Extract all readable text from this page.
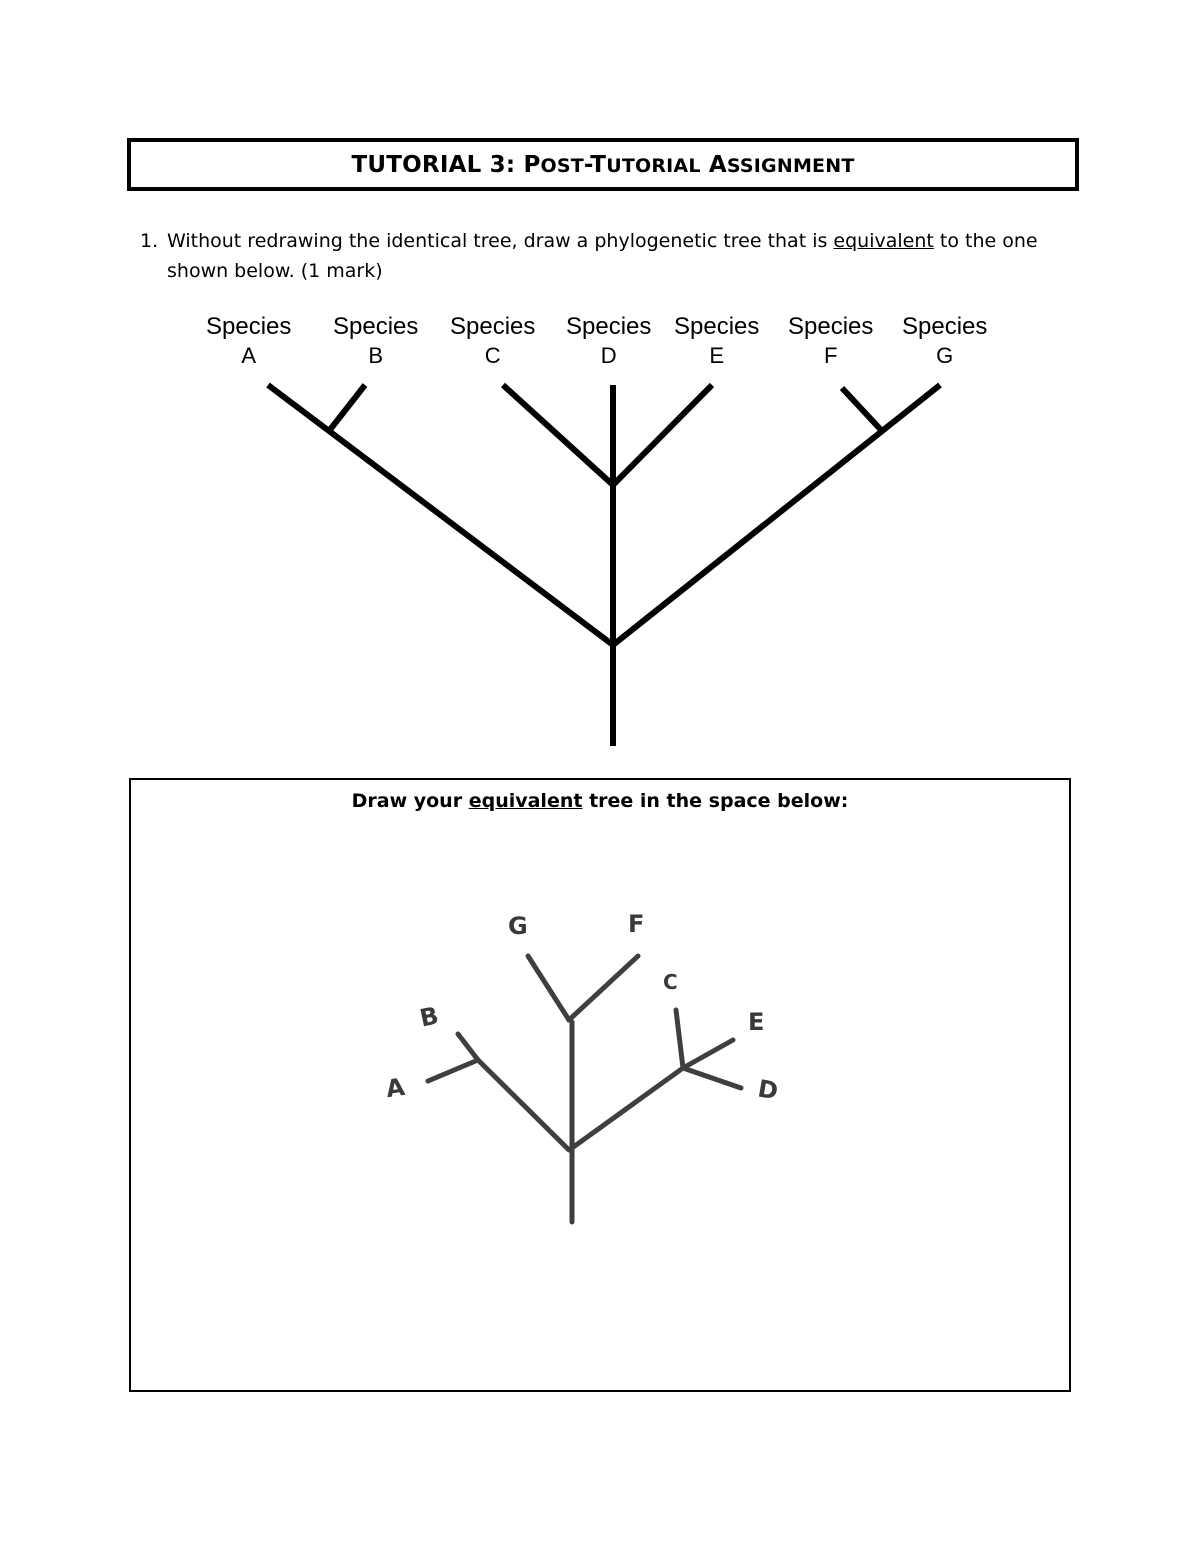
TUTORIAL 3: POST-TUTORIAL ASSIGNMENT
1. Without redrawing the identical tree, draw a phylogenetic tree that is equivalent to the one shown below. (1 mark)
Species
A
Species
B
Species
C
Species
D
Species
E
Species
F
Species
G
Draw your equivalent tree in the space below:
G	F
C
B	E
A	D
